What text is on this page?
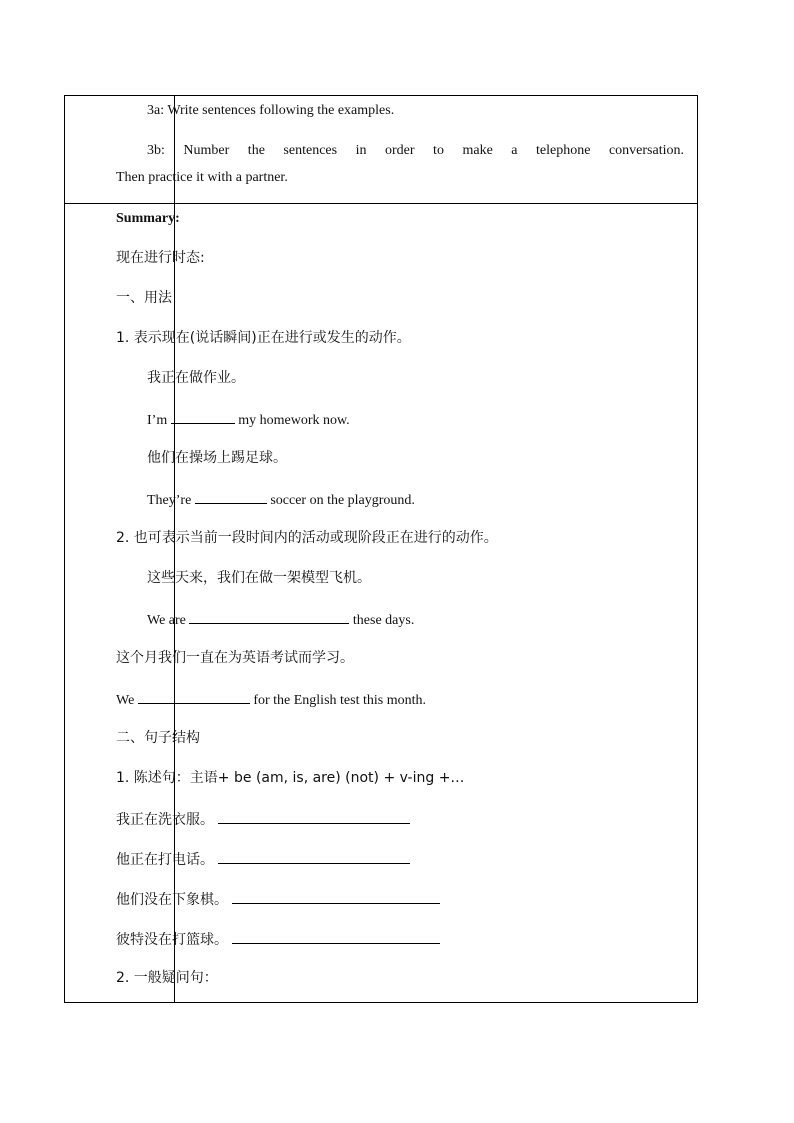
3a: Write sentences following the examples.
3b: Number the sentences in order to make a telephone conversation.
Then practice it with a partner.
Summary:
现在进行时态:
一、用法
1. 表示现在(说话瞬间)正在进行或发生的动作。
我正在做作业。
I’m	my homework now.
他们在操场上踢足球。
They’re	soccer on the playground.
2. 也可表示当前一段时间内的活动或现阶段正在进行的动作。
这些天来，我们在做一架模型飞机。
We are	these days.
这个月我们一直在为英语考试而学习。
We	for the English test this month.
二、句子结构
1. 陈述句：主语+ be (am, is, are) (not) + v-ing +…
我正在洗衣服。
他正在打电话。
他们没在下象棋。
彼特没在打篮球。
2. 一般疑问句：
